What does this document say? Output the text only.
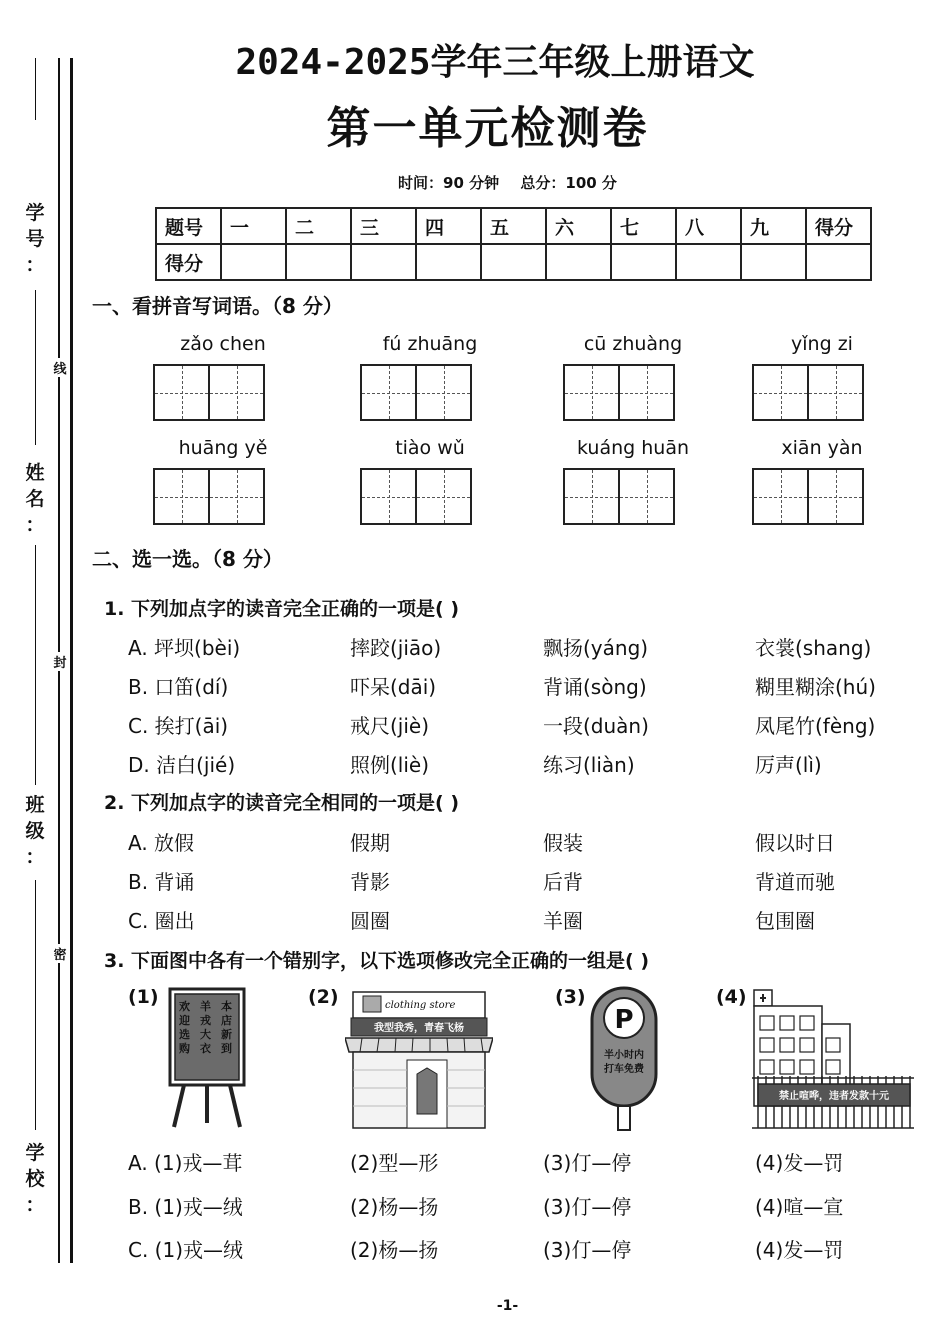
学
号
：
姓
名
：
班
级
：
学
校
：
线
封
密
2024-2025学年三年级上册语文
第一单元检测卷
时间：90 分钟 总分：100 分
题号	一	二	三	四	五	六	七	八	九	得分
得分										
一、看拼音写词语。（8 分）
zǎo chen	fú zhuāng	cū zhuàng	yǐng zi
huāng yě	tiào wǔ	kuáng huān	xiān yàn
二、选一选。（8 分）
1. 下列加点字的读音完全正确的一项是( )
A. 坪坝(bèi)	摔跤(jiāo)	飘扬(yáng)	衣裳(shang)
B. 口笛(dí)	吓呆(dāi)	背诵(sòng)	糊里糊涂(hú)
C. 挨打(āi)	戒尺(jiè)	一段(duàn)	凤尾竹(fèng)
D. 洁白(jié)	照例(liè)	练习(liàn)	厉声(lì)
2. 下列加点字的读音完全相同的一项是( )
A. 放假	假期	假装	假以时日
B. 背诵	背影	后背	背道而驰
C. 圈出	圆圈	羊圈	包围圈
3. 下面图中各有一个错别字，以下选项修改完全正确的一组是( )
(1)	(2)	(3)	(4)
欢迎选购
羊戎大衣
本店新到
clothing store
我型我秀，青春飞杨	P
半小时内
打车免费
禁止喧哗，违者发款十元
A. (1)戎—茸	(2)型—形	(3)仃—停	(4)发—罚
B. (1)戎—绒	(2)杨—扬	(3)仃—停	(4)喧—宣
C. (1)戎—绒	(2)杨—扬	(3)仃—停	(4)发—罚
-1-
